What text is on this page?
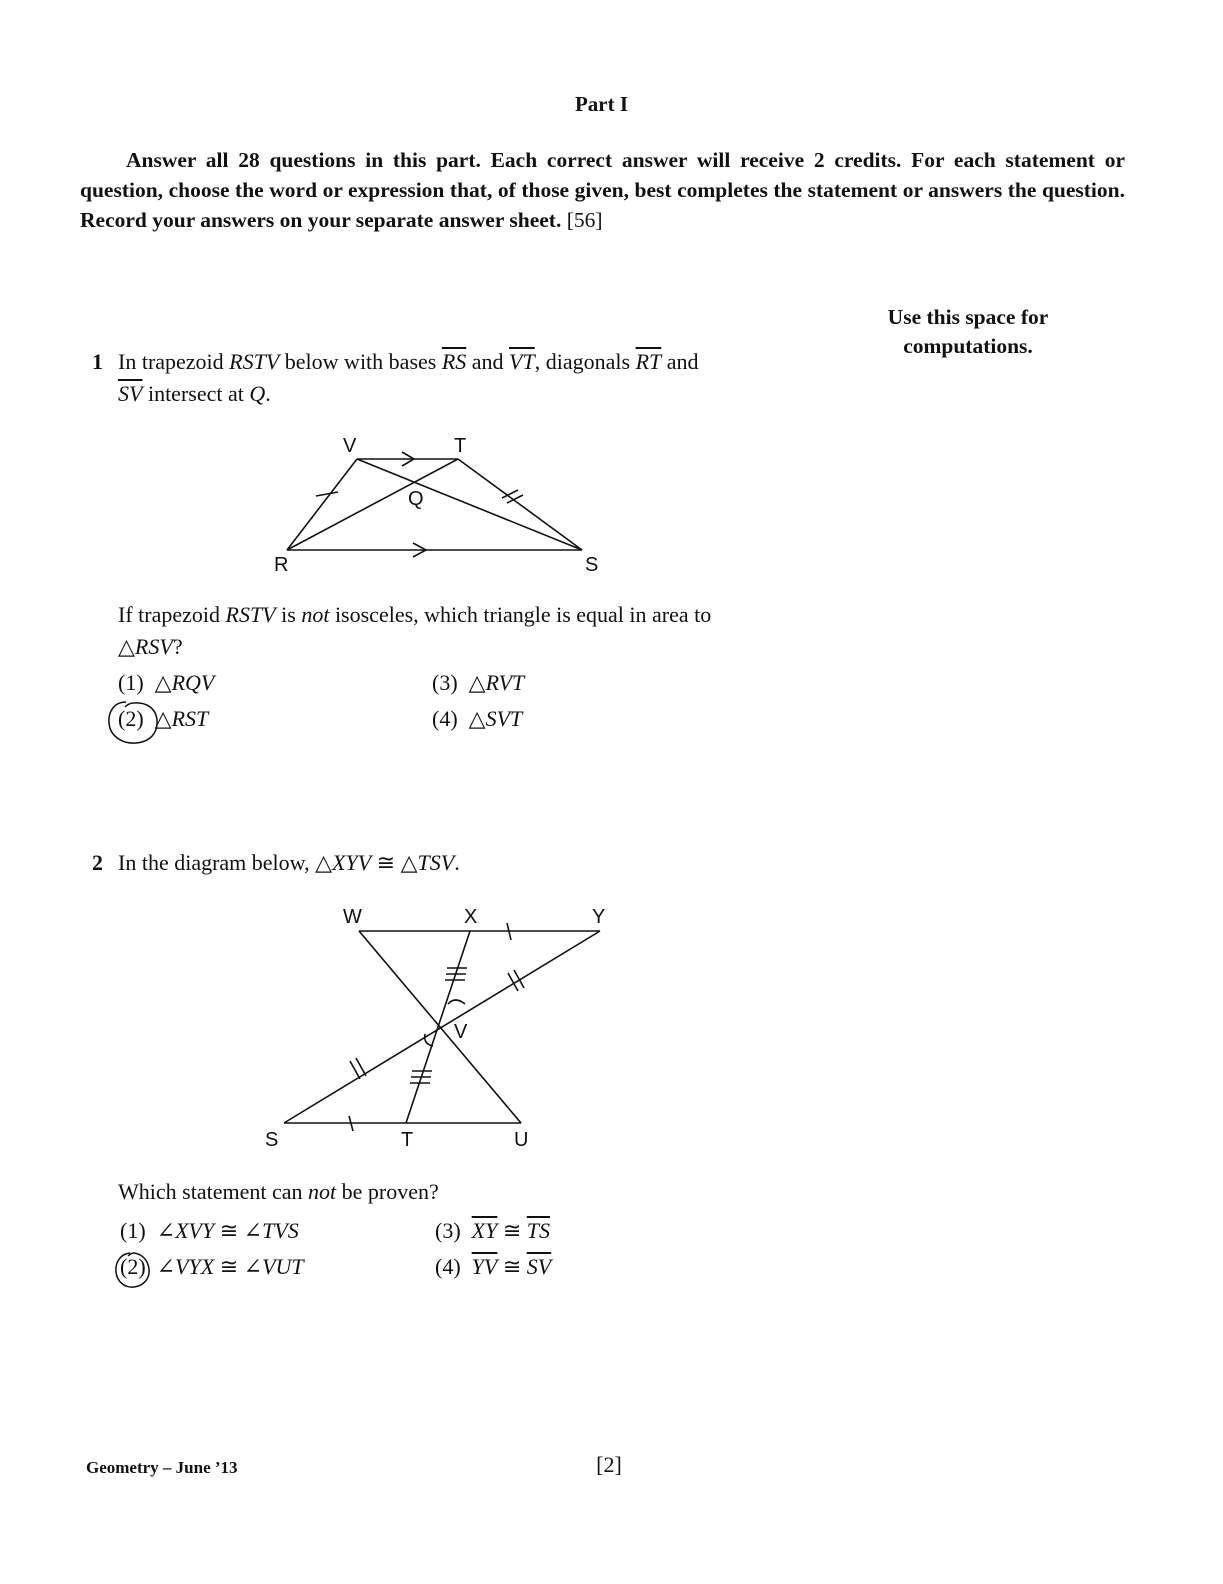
Part I
Answer all 28 questions in this part. Each correct answer will receive 2 credits. For each statement or question, choose the word or expression that, of those given, best completes the statement or answers the question. Record your answers on your separate answer sheet. [56]
Use this space for
computations.
1 In trapezoid RSTV below with bases $\overline{RS}$ and $\overline{VT}$, diagonals $\overline{RT}$ and
$\overline{SV}$ intersect at Q.
V	T
Q
R	S
If trapezoid RSTV is not isosceles, which triangle is equal in area to
△RSV?
(1) △RQV
(2) △RST
(3) △RVT
(4) △SVT
2 In the diagram below, △XYV ≅ △TSV.
W	X	Y
V
S	T	U
Which statement can not be proven?
(1) ∠XVY ≅ ∠TVS
(2) ∠VYX ≅ ∠VUT
(3) $\overline{XY}$ ≅ $\overline{TS}$
(4) $\overline{YV}$ ≅ $\overline{SV}$
Geometry – June ’13	[2]
